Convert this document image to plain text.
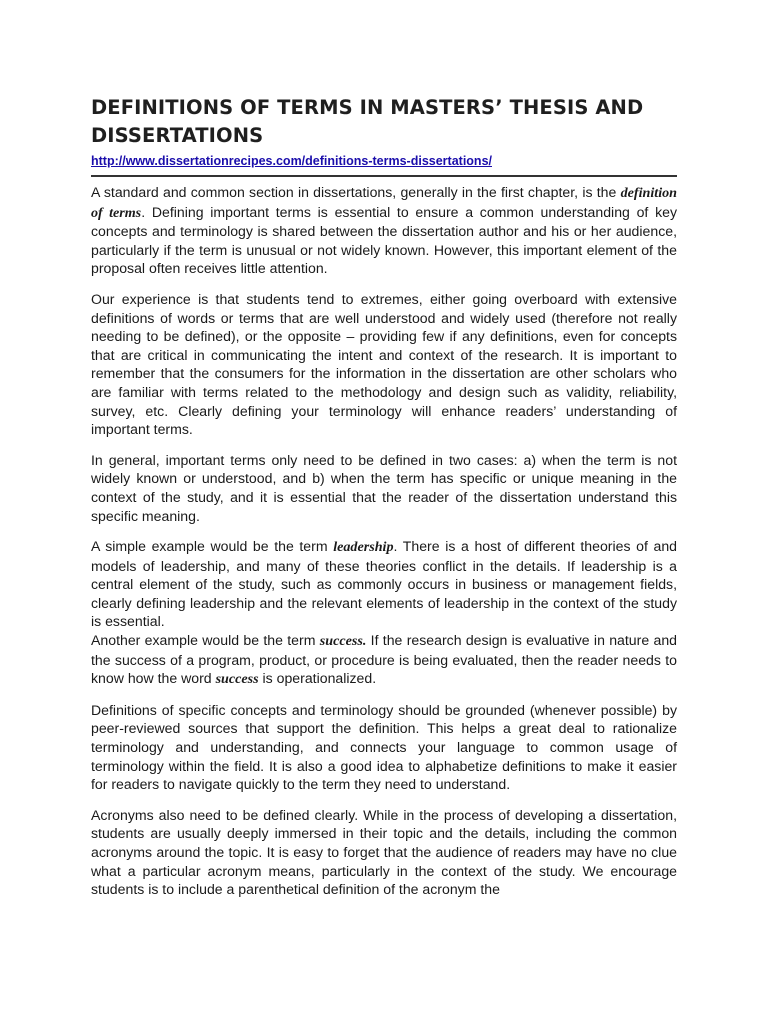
DEFINITIONS OF TERMS IN MASTERS’ THESIS AND DISSERTATIONS
http://www.dissertationrecipes.com/definitions-terms-dissertations/

A standard and common section in dissertations, generally in the first chapter, is the definition of terms. Defining important terms is essential to ensure a common understanding of key concepts and terminology is shared between the dissertation author and his or her audience, particularly if the term is unusual or not widely known. However, this important element of the proposal often receives little attention.

Our experience is that students tend to extremes, either going overboard with extensive definitions of words or terms that are well understood and widely used (therefore not really needing to be defined), or the opposite – providing few if any definitions, even for concepts that are critical in communicating the intent and context of the research. It is important to remember that the consumers for the information in the dissertation are other scholars who are familiar with terms related to the methodology and design such as validity, reliability, survey, etc. Clearly defining your terminology will enhance readers’ understanding of important terms.

In general, important terms only need to be defined in two cases: a) when the term is not widely known or understood, and b) when the term has specific or unique meaning in the context of the study, and it is essential that the reader of the dissertation understand this specific meaning.

A simple example would be the term leadership. There is a host of different theories of and models of leadership, and many of these theories conflict in the details. If leadership is a central element of the study, such as commonly occurs in business or management fields, clearly defining leadership and the relevant elements of leadership in the context of the study is essential.

Another example would be the term success. If the research design is evaluative in nature and the success of a program, product, or procedure is being evaluated, then the reader needs to know how the word success is operationalized.

Definitions of specific concepts and terminology should be grounded (whenever possible) by peer-reviewed sources that support the definition. This helps a great deal to rationalize terminology and understanding, and connects your language to common usage of terminology within the field. It is also a good idea to alphabetize definitions to make it easier for readers to navigate quickly to the term they need to understand.

Acronyms also need to be defined clearly. While in the process of developing a dissertation, students are usually deeply immersed in their topic and the details, including the common acronyms around the topic. It is easy to forget that the audience of readers may have no clue what a particular acronym means, particularly in the context of the study. We encourage students is to include a parenthetical definition of the acronym the
